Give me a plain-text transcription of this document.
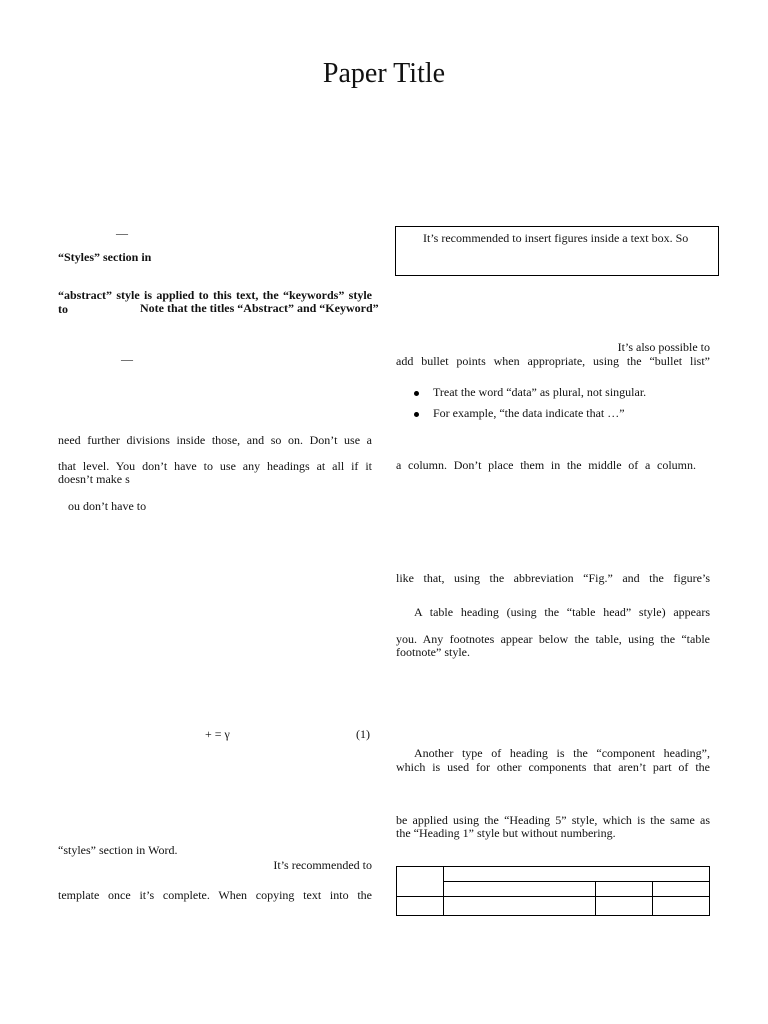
Paper Title
—
“Styles” section in
“abstract” style is applied to this text, the “keywords” style to	Note that the titles “Abstract” and “Keyword”
—
need further divisions inside those, and so on. Don’t use a
that level. You don’t have to use any headings at all if it
doesn’t make s
ou don’t have to
+ = γ	(1)
“styles” section in Word.
It’s recommended to
template once it’s complete. When copying text into the
It’s recommended to insert figures inside a text box. So
It’s also possible to
add bullet points when appropriate, using the “bullet list”
Treat the word “data” as plural, not singular.
For example, “the data indicate that …”
a column. Don’t place them in the middle of a column.
like that, using the abbreviation “Fig.” and the figure’s
A table heading (using the “table head” style) appears
you. Any footnotes appear below the table, using the “table
footnote” style.
Another type of heading is the “component heading”,
which is used for other components that aren’t part of the
be applied using the “Heading 5” style, which is the same as
the “Heading 1” style but without numbering.
